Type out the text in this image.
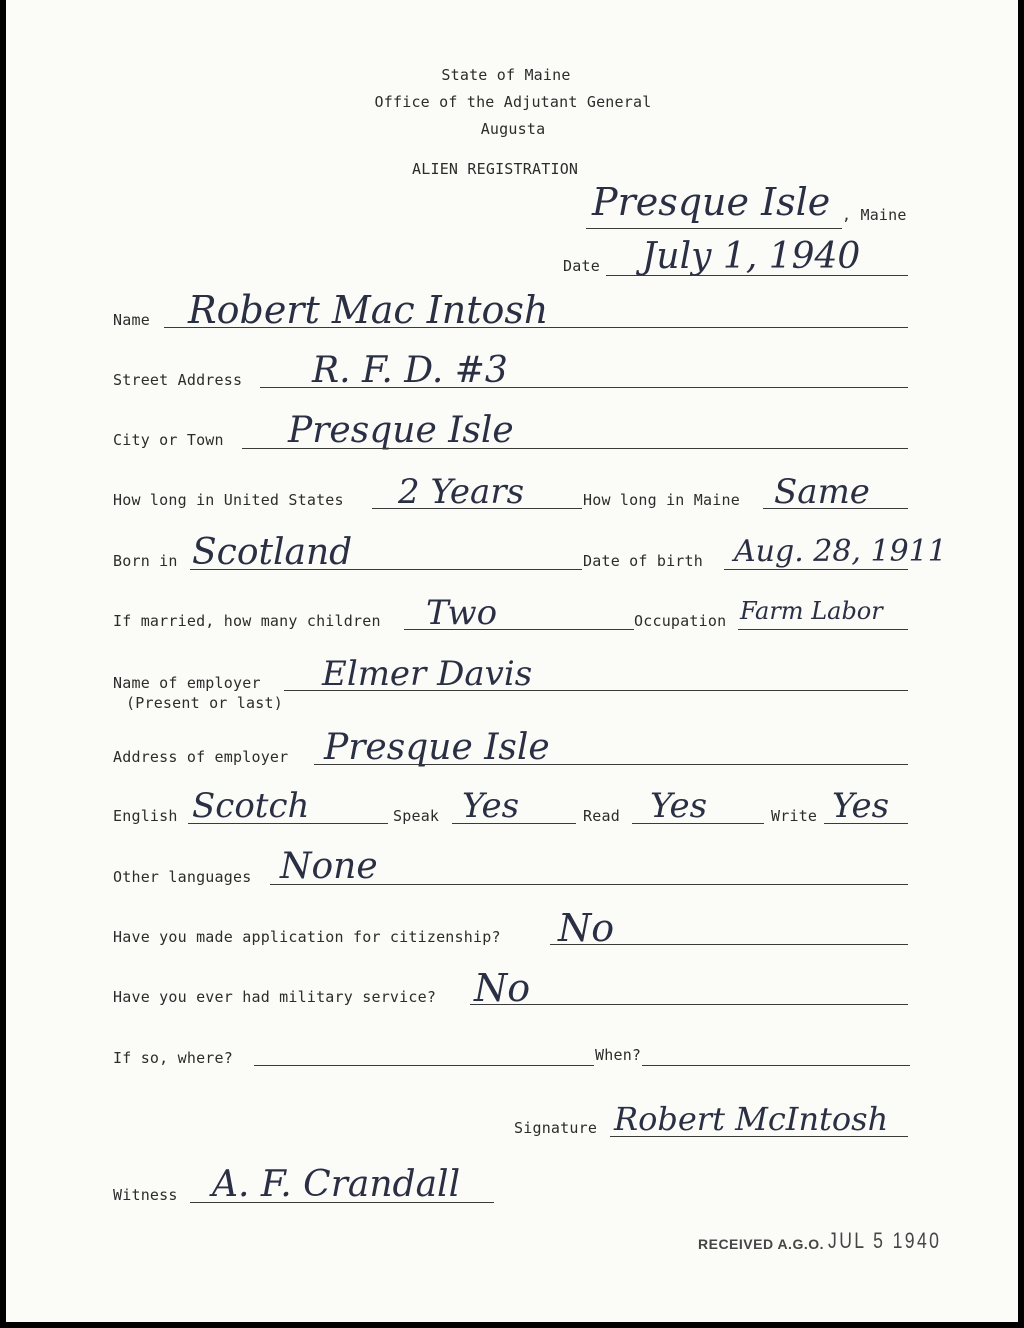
State of Maine
Office of the Adjutant General
Augusta
ALIEN REGISTRATION
Presque Isle , Maine
Date July 1, 1940
Name Robert Mac Intosh
Street Address R. F. D. #3
City or Town Presque Isle
How long in United States 2 Years	How long in Maine Same
Born in Scotland	Date of birth Aug. 28, 1911
If married, how many children Two	Occupation Farm Labor
Name of employer
(Present or last)
Elmer Davis
Address of employer Presque Isle
English Scotch	Speak Yes	Read Yes	Write Yes
Other languages None
Have you made application for citizenship? No
Have you ever had military service? No
If so, where?	When?
Signature Robert McIntosh
Witness A. F. Crandall
RECEIVED A.G.O. JUL 5 1940
